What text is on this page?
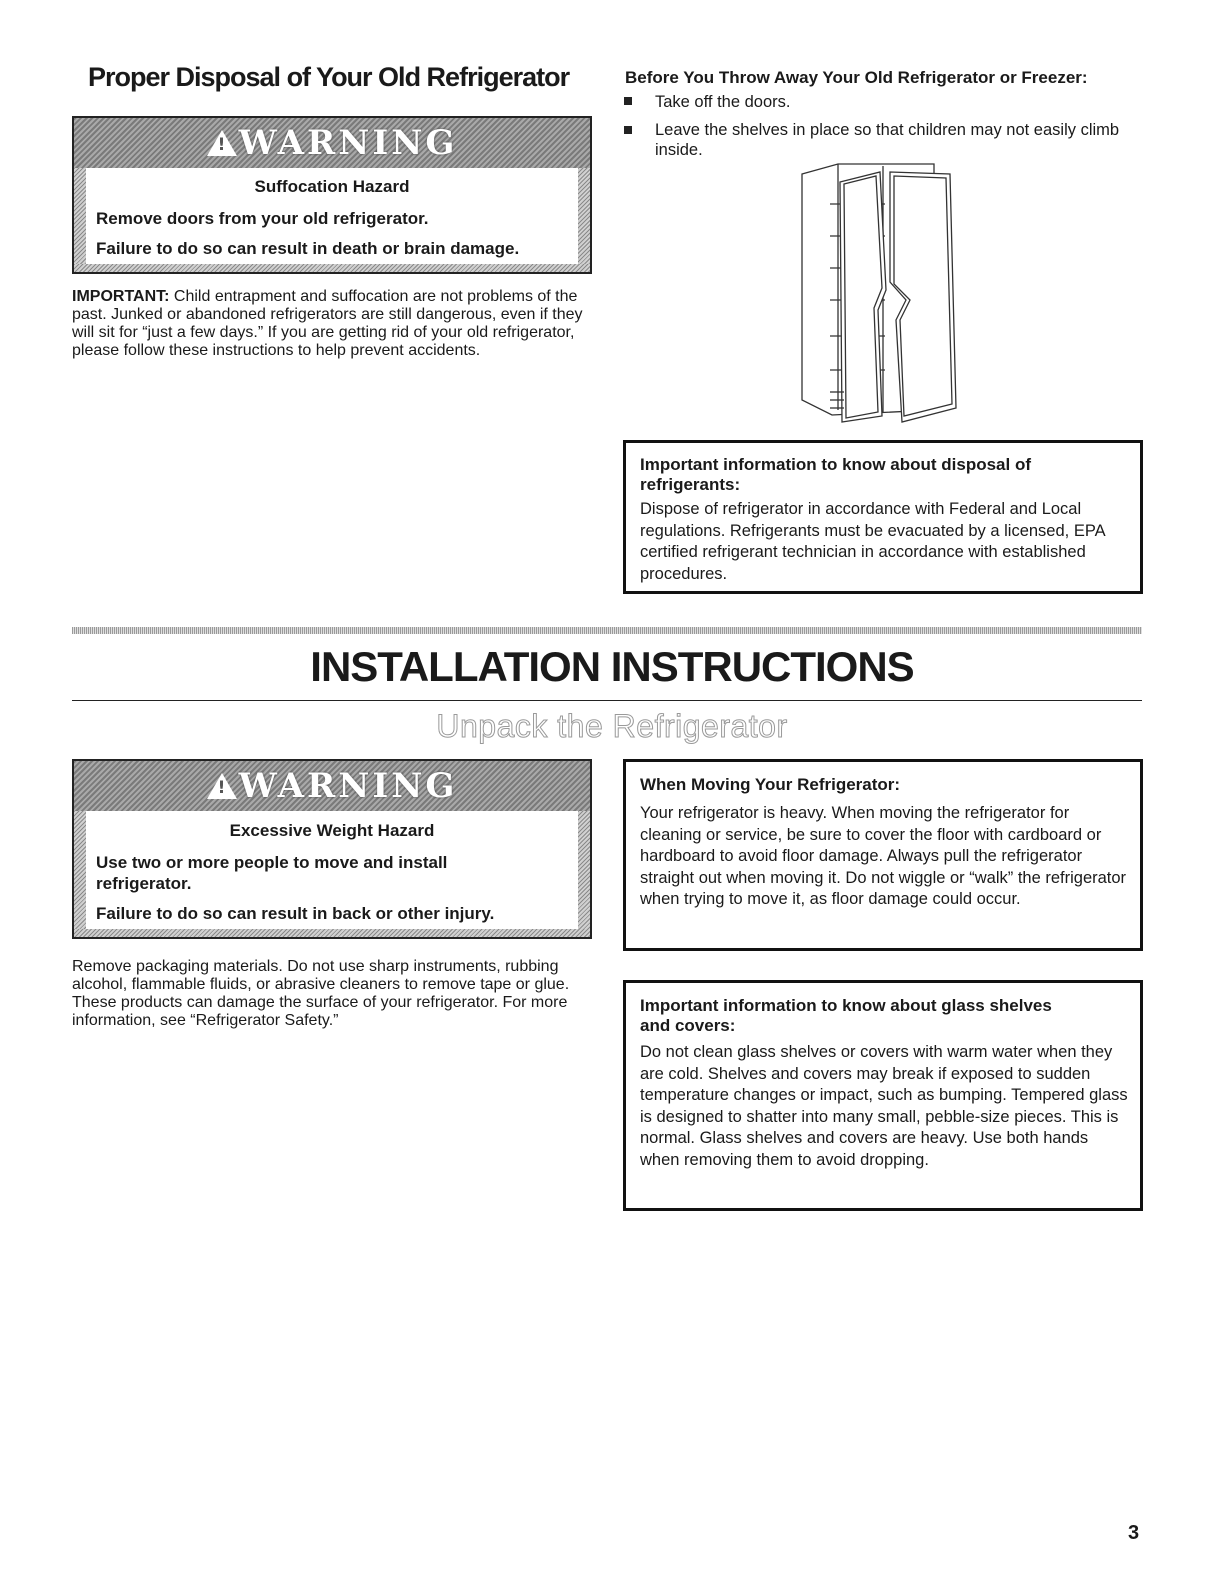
Proper Disposal of Your Old Refrigerator
!
WARNING
Suffocation Hazard
Remove doors from your old refrigerator.
Failure to do so can result in death or brain damage.
IMPORTANT: Child entrapment and suffocation are not problems of the past. Junked or abandoned refrigerators are still dangerous, even if they will sit for “just a few days.” If you are getting rid of your old refrigerator, please follow these instructions to help prevent accidents.
Before You Throw Away Your Old Refrigerator or Freezer:
Take off the doors.
Leave the shelves in place so that children may not easily climb inside.
Important information to know about disposal of refrigerants:
Dispose of refrigerator in accordance with Federal and Local regulations. Refrigerants must be evacuated by a licensed, EPA certified refrigerant technician in accordance with established procedures.
INSTALLATION INSTRUCTIONS
Unpack the Refrigerator
!
WARNING
Excessive Weight Hazard
Use two or more people to move and install refrigerator.
Failure to do so can result in back or other injury.
Remove packaging materials. Do not use sharp instruments, rubbing alcohol, flammable fluids, or abrasive cleaners to remove tape or glue. These products can damage the surface of your refrigerator. For more information, see “Refrigerator Safety.”
When Moving Your Refrigerator:
Your refrigerator is heavy. When moving the refrigerator for cleaning or service, be sure to cover the floor with cardboard or hardboard to avoid floor damage. Always pull the refrigerator straight out when moving it. Do not wiggle or “walk” the refrigerator when trying to move it, as floor damage could occur.
Important information to know about glass shelves and covers:
Do not clean glass shelves or covers with warm water when they are cold. Shelves and covers may break if exposed to sudden temperature changes or impact, such as bumping. Tempered glass is designed to shatter into many small, pebble-size pieces. This is normal. Glass shelves and covers are heavy. Use both hands when removing them to avoid dropping.
3
